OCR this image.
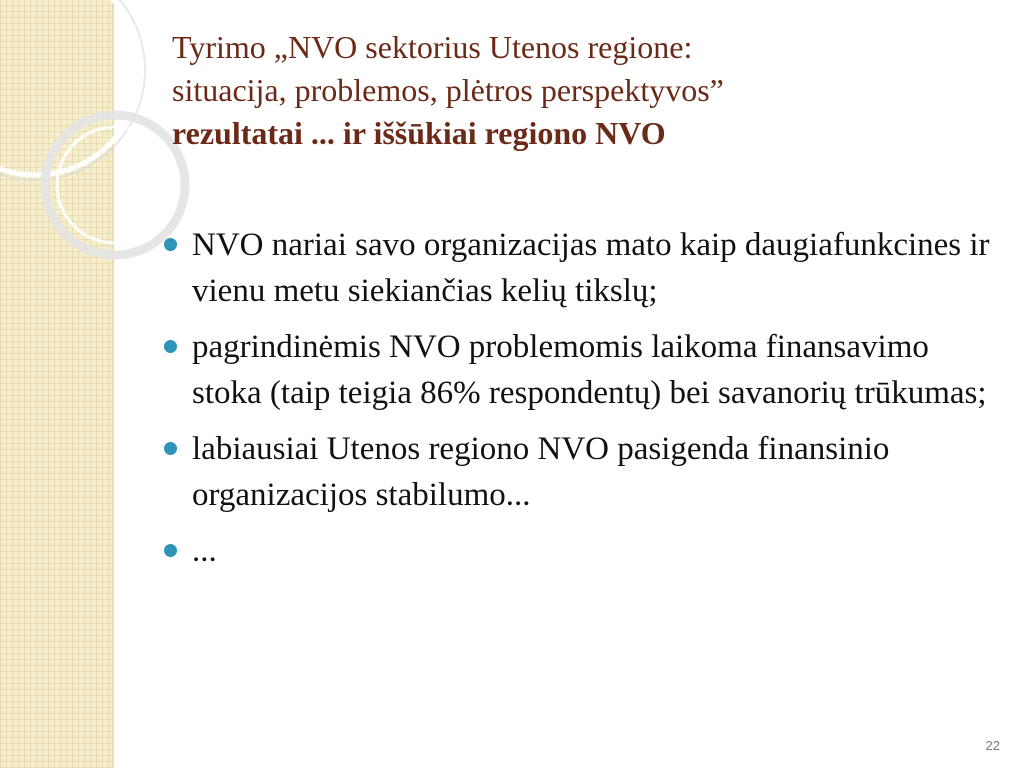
Tyrimo „NVO sektorius Utenos regione:
situacija, problemos, plėtros perspektyvos”
rezultatai ... ir iššūkiai regiono NVO
NVO nariai savo organizacijas mato kaip daugiafunkcines ir vienu metu siekiančias kelių tikslų;
pagrindinėmis NVO problemomis laikoma finansavimo stoka (taip teigia 86% respondentų) bei savanorių trūkumas;
labiausiai Utenos regiono NVO pasigenda finansinio organizacijos stabilumo...
...
22
